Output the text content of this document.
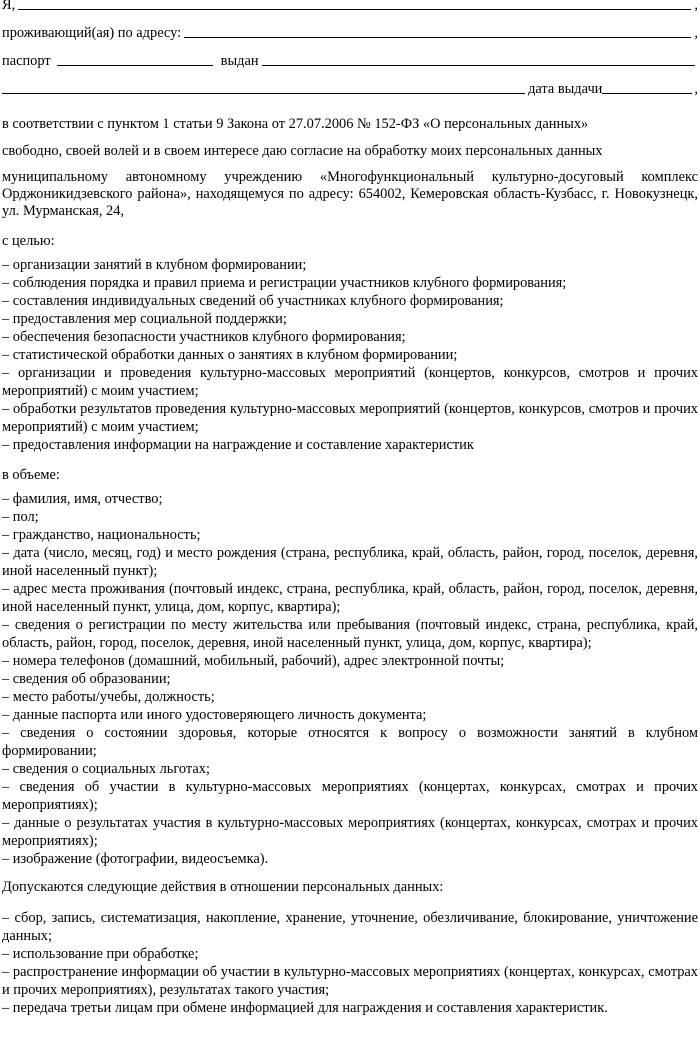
Я,	,
проживающий(ая) по адресу:	,
паспорт	выдан
дата выдачи	,

в соответствии с пунктом 1 статьи 9 Закона от 27.07.2006 № 152-ФЗ «О персональных данных»

свободно, своей волей и в своем интересе даю согласие на обработку моих персональных данных

муниципальному автономному учреждению «Многофункциональный культурно-досуговый комплекс Орджоникидзевского района», находящемуся по адресу: 654002, Кемеровская область-Кузбасс, г. Новокузнецк, ул. Мурманская, 24,

с целью:

– организации занятий в клубном формировании;
– соблюдения порядка и правил приема и регистрации участников клубного формирования;
– составления индивидуальных сведений об участниках клубного формирования;
– предоставления мер социальной поддержки;
– обеспечения безопасности участников клубного формирования;
– статистической обработки данных о занятиях в клубном формировании;
– организации и проведения культурно-массовых мероприятий (концертов, конкурсов, смотров и прочих мероприятий) с моим участием;
– обработки результатов проведения культурно-массовых мероприятий (концертов, конкурсов, смотров и прочих мероприятий) с моим участием;
– предоставления информации на награждение и составление характеристик

в объеме:

– фамилия, имя, отчество;
– пол;
– гражданство, национальность;
– дата (число, месяц, год) и место рождения (страна, республика, край, область, район, город, поселок, деревня, иной населенный пункт);
– адрес места проживания (почтовый индекс, страна, республика, край, область, район, город, поселок, деревня, иной населенный пункт, улица, дом, корпус, квартира);
– сведения о регистрации по месту жительства или пребывания (почтовый индекс, страна, республика, край, область, район, город, поселок, деревня, иной населенный пункт, улица, дом, корпус, квартира);
– номера телефонов (домашний, мобильный, рабочий), адрес электронной почты;
– сведения об образовании;
– место работы/учебы, должность;
– данные паспорта или иного удостоверяющего личность документа;
– сведения о состоянии здоровья, которые относятся к вопросу о возможности занятий в клубном формировании;
– сведения о социальных льготах;
– сведения об участии в культурно-массовых мероприятиях (концертах, конкурсах, смотрах и прочих мероприятиях);
– данные о результатах участия в культурно-массовых мероприятиях (концертах, конкурсах, смотрах и прочих мероприятиях);
– изображение (фотографии, видеосъемка).

Допускаются следующие действия в отношении персональных данных:

– сбор, запись, систематизация, накопление, хранение, уточнение, обезличивание, блокирование, уничтожение данных;
– использование при обработке;
– распространение информации об участии в культурно-массовых мероприятиях (концертах, конкурсах, смотрах и прочих мероприятиях), результатах такого участия;
– передача третьи лицам при обмене информацией для награждения и составления характеристик.
